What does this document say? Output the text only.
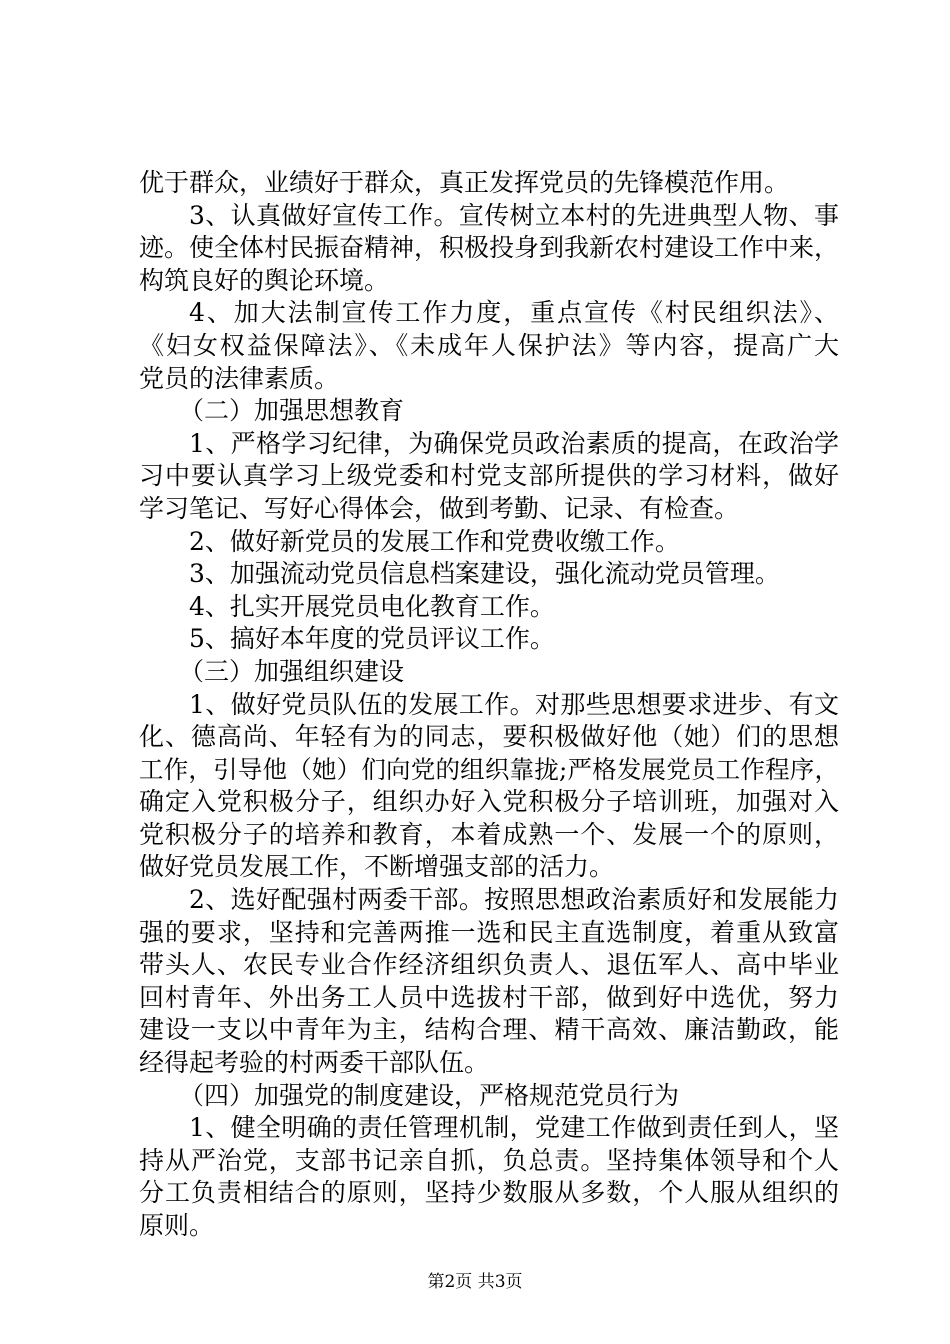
优于群众，业绩好于群众，真正发挥党员的先锋模范作用。
3、认真做好宣传工作。宣传树立本村的先进典型人物、事
迹。使全体村民振奋精神，积极投身到我新农村建设工作中来，
构筑良好的舆论环境。
4、加大法制宣传工作力度，重点宣传《村民组织法》、
《妇女权益保障法》、《未成年人保护法》等内容，提高广大
党员的法律素质。
（二）加强思想教育
1、严格学习纪律，为确保党员政治素质的提高，在政治学
习中要认真学习上级党委和村党支部所提供的学习材料，做好
学习笔记、写好心得体会，做到考勤、记录、有检查。
2、做好新党员的发展工作和党费收缴工作。
3、加强流动党员信息档案建设，强化流动党员管理。
4、扎实开展党员电化教育工作。
5、搞好本年度的党员评议工作。
（三）加强组织建设
1、做好党员队伍的发展工作。对那些思想要求进步、有文
化、德高尚、年轻有为的同志，要积极做好他（她）们的思想
工作，引导他（她）们向党的组织靠拢;严格发展党员工作程序，
确定入党积极分子，组织办好入党积极分子培训班，加强对入
党积极分子的培养和教育，本着成熟一个、发展一个的原则，
做好党员发展工作，不断增强支部的活力。
2、选好配强村两委干部。按照思想政治素质好和发展能力
强的要求，坚持和完善两推一选和民主直选制度，着重从致富
带头人、农民专业合作经济组织负责人、退伍军人、高中毕业
回村青年、外出务工人员中选拔村干部，做到好中选优，努力
建设一支以中青年为主，结构合理、精干高效、廉洁勤政，能
经得起考验的村两委干部队伍。
（四）加强党的制度建设，严格规范党员行为
1、健全明确的责任管理机制，党建工作做到责任到人，坚
持从严治党，支部书记亲自抓，负总责。坚持集体领导和个人
分工负责相结合的原则，坚持少数服从多数，个人服从组织的
原则。
第2页 共3页
